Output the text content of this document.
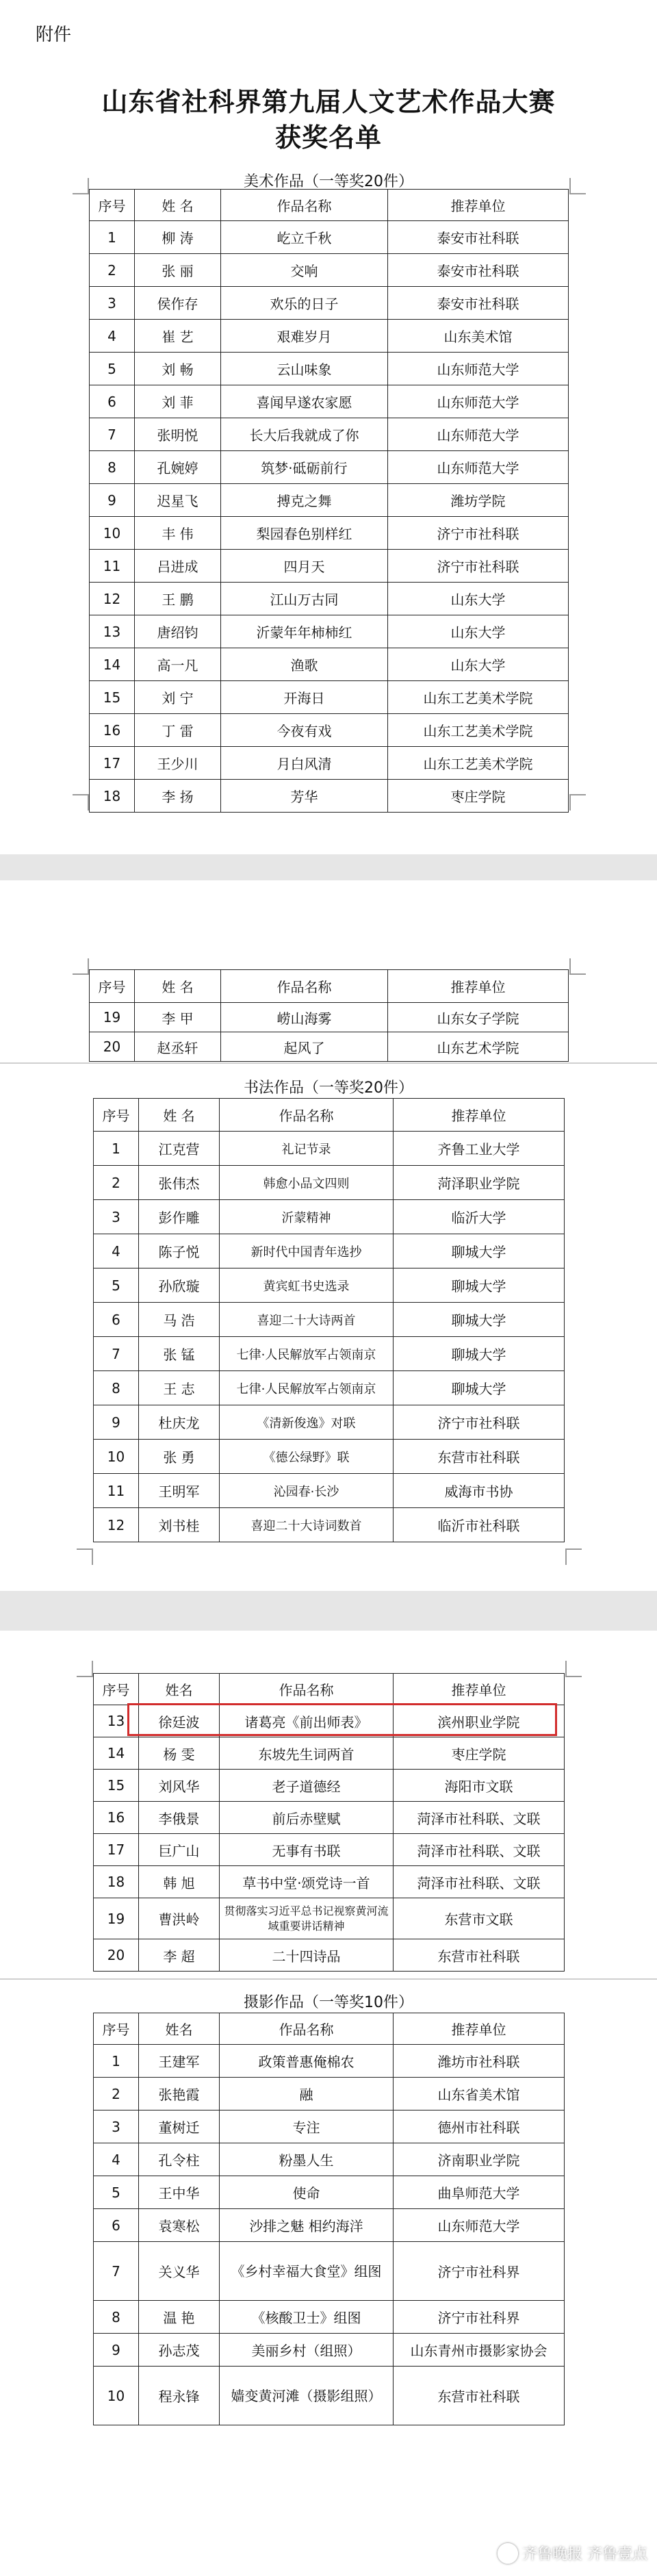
附件
山东省社科界第九届人文艺术作品大赛
获奖名单
美术作品（一等奖20件）
序号	姓 名	作品名称	推荐单位
1	柳 涛	屹立千秋	泰安市社科联
2	张 丽	交响	泰安市社科联
3	侯作存	欢乐的日子	泰安市社科联
4	崔 艺	艰难岁月	山东美术馆
5	刘 畅	云山味象	山东师范大学
6	刘 菲	喜闻早遂农家愿	山东师范大学
7	张明悦	长大后我就成了你	山东师范大学
8	孔婉婷	筑梦·砥砺前行	山东师范大学
9	迟星飞	搏克之舞	潍坊学院
10	丰 伟	梨园春色别样红	济宁市社科联
11	吕进成	四月天	济宁市社科联
12	王 鹏	江山万古同	山东大学
13	唐绍钧	沂蒙年年柿柿红	山东大学
14	高一凡	渔歌	山东大学
15	刘 宁	开海日	山东工艺美术学院
16	丁 雷	今夜有戏	山东工艺美术学院
17	王少川	月白风清	山东工艺美术学院
18	李 扬	芳华	枣庄学院
序号	姓 名	作品名称	推荐单位
19	李 甲	崂山海雾	山东女子学院
20	赵丞轩	起风了	山东艺术学院
书法作品（一等奖20件）
序号	姓 名	作品名称	推荐单位
1	江克营	礼记节录	齐鲁工业大学
2	张伟杰	韩愈小品文四则	菏泽职业学院
3	彭作雕	沂蒙精神	临沂大学
4	陈子悦	新时代中国青年选抄	聊城大学
5	孙欣璇	黄宾虹书史选录	聊城大学
6	马 浩	喜迎二十大诗两首	聊城大学
7	张 锰	七律·人民解放军占领南京	聊城大学
8	王 志	七律·人民解放军占领南京	聊城大学
9	杜庆龙	《清新俊逸》对联	济宁市社科联
10	张 勇	《德公绿野》联	东营市社科联
11	王明军	沁园春·长沙	威海市书协
12	刘书桂	喜迎二十大诗词数首	临沂市社科联
序号	姓名	作品名称	推荐单位
13	徐廷波	诸葛亮《前出师表》	滨州职业学院
14	杨 雯	东坡先生词两首	枣庄学院
15	刘风华	老子道德经	海阳市文联
16	李俄景	前后赤壁赋	菏泽市社科联、文联
17	巨广山	无事有书联	菏泽市社科联、文联
18	韩 旭	草书中堂·颂党诗一首	菏泽市社科联、文联
19	曹洪岭	贯彻落实习近平总书记视察黄河流域重要讲话精神	东营市文联
20	李 超	二十四诗品	东营市社科联
摄影作品（一等奖10件）
序号	姓名	作品名称	推荐单位
1	王建军	政策普惠俺棉农	潍坊市社科联
2	张艳霞	融	山东省美术馆
3	董树迁	专注	德州市社科联
4	孔令柱	粉墨人生	济南职业学院
5	王中华	使命	曲阜师范大学
6	袁寒松	沙排之魅 相约海洋	山东师范大学
7	关义华	《乡村幸福大食堂》组图	济宁市社科界
8	温 艳	《核酸卫士》组图	济宁市社科界
9	孙志茂	美丽乡村（组照）	山东青州市摄影家协会
10	程永锋	嫱变黄河滩（摄影组照）	东营市社科联
齐鲁晚报 齐鲁壹点
